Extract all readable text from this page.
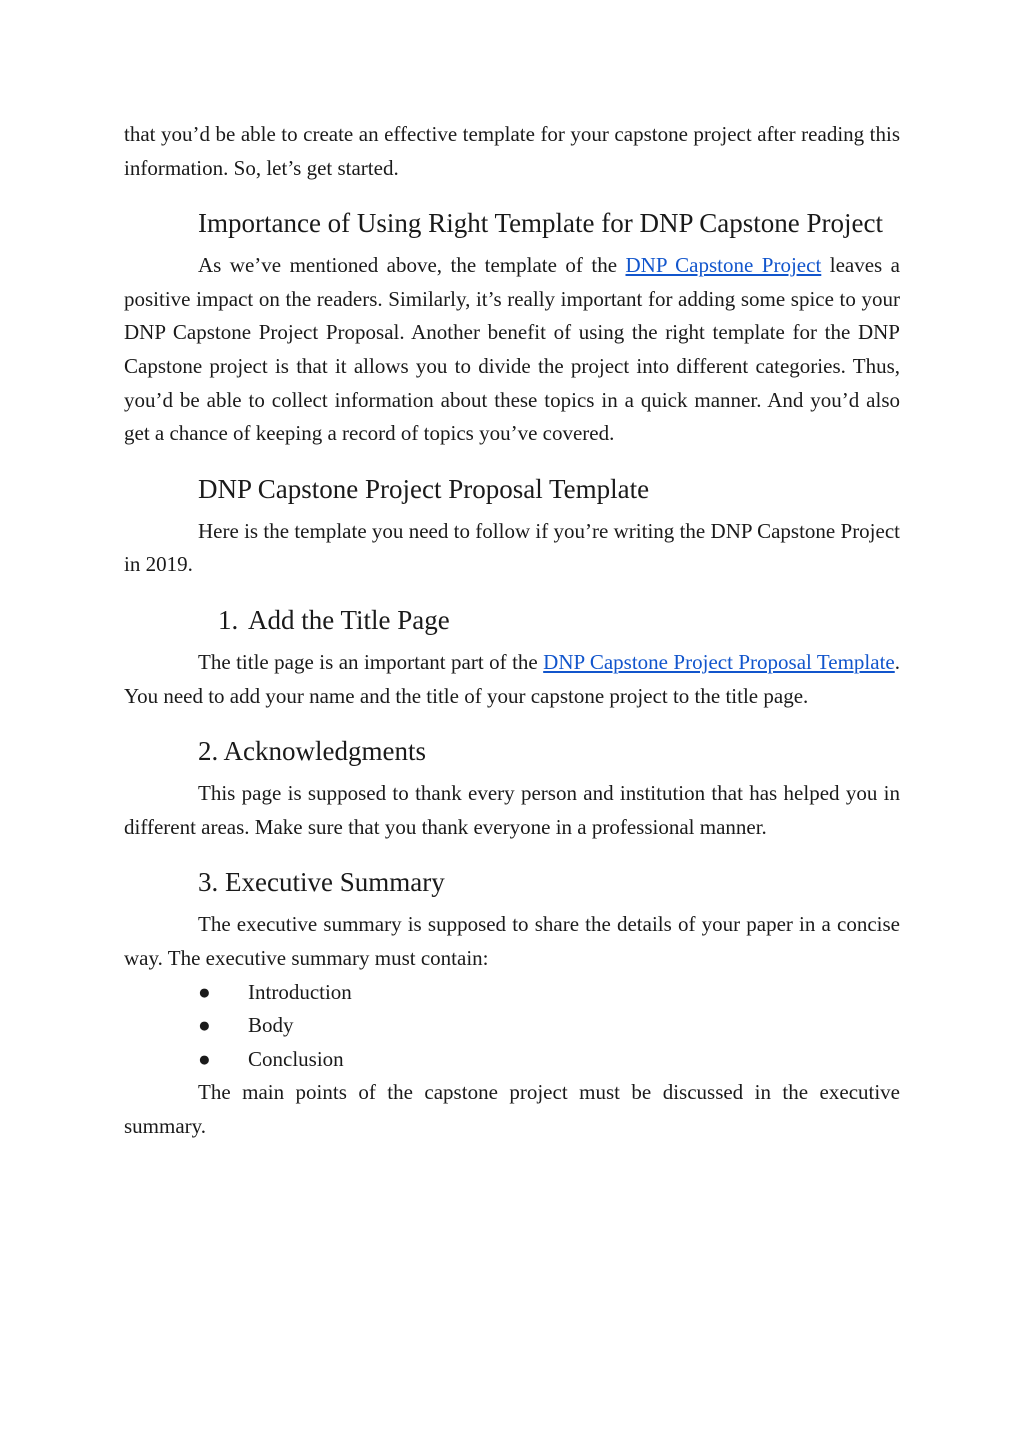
that you’d be able to create an effective template for your capstone project after reading this information. So, let’s get started.

Importance of Using Right Template for DNP Capstone Project

As we’ve mentioned above, the template of the DNP Capstone Project leaves a positive impact on the readers. Similarly, it’s really important for adding some spice to your DNP Capstone Project Proposal. Another benefit of using the right template for the DNP Capstone project is that it allows you to divide the project into different categories. Thus, you’d be able to collect information about these topics in a quick manner. And you’d also get a chance of keeping a record of topics you’ve covered.

DNP Capstone Project Proposal Template

Here is the template you need to follow if you’re writing the DNP Capstone Project in 2019.

1. Add the Title Page

The title page is an important part of the DNP Capstone Project Proposal Template. You need to add your name and the title of your capstone project to the title page.

2. Acknowledgments

This page is supposed to thank every person and institution that has helped you in different areas. Make sure that you thank everyone in a professional manner.

3. Executive Summary

The executive summary is supposed to share the details of your paper in a concise way. The executive summary must contain:

● Introduction
● Body
● Conclusion

The main points of the capstone project must be discussed in the executive summary.
